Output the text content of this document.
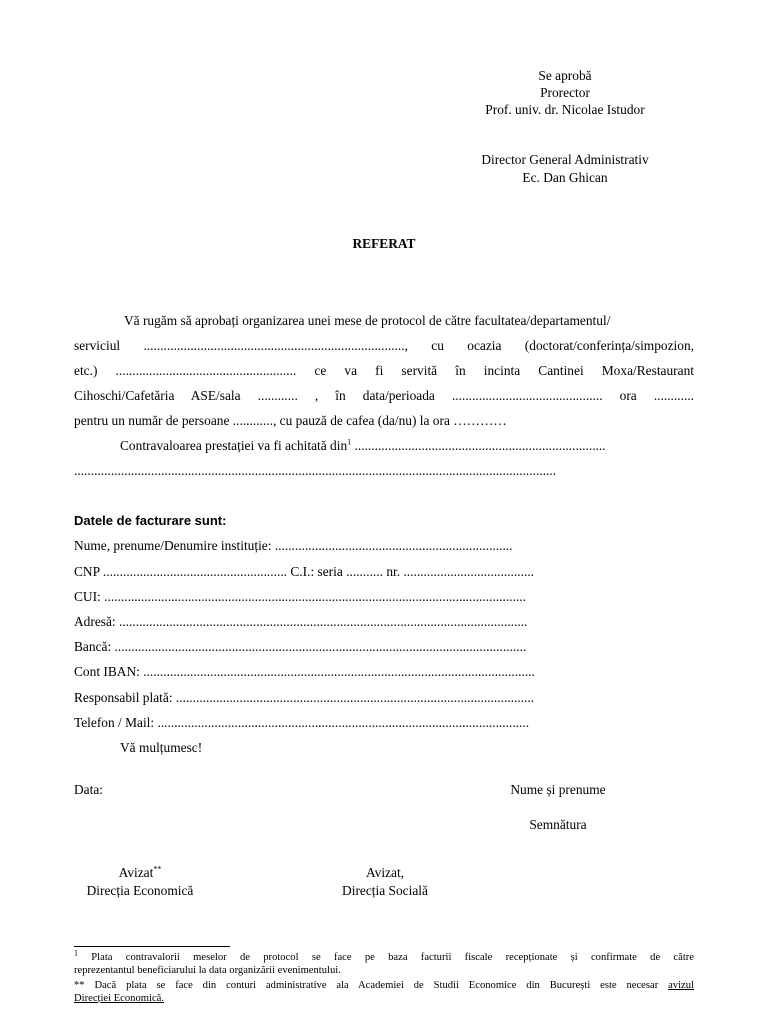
Se aprobă
Prorector
Prof. univ. dr. Nicolae Istudor
Director General Administrativ
Ec. Dan Ghican
REFERAT
Vă rugăm să aprobați organizarea unei mese de protocol de către facultatea/departamentul/
serviciul .............................................................................., cu ocazia (doctorat/conferința/simpozion,
etc.) ...................................................... ce va fi servită în incinta Cantinei Moxa/Restaurant
Cihoschi/Cafetăria ASE/sala ............ , în data/perioada ............................................. ora ............
pentru un număr de persoane ............, cu pauză de cafea (da/nu) la ora …………
Contravaloarea prestației va fi achitată din$^1$ ...........................................................................
................................................................................................................................................
Datele de facturare sunt:
Nume, prenume/Denumire instituție: .......................................................................
CNP ....................................................... C.I.: seria ........... nr. .......................................
CUI: ..............................................................................................................................
Adresă: ..........................................................................................................................
Bancă: ...........................................................................................................................
Cont IBAN: .....................................................................................................................
Responsabil plată: ...........................................................................................................
Telefon / Mail: ...............................................................................................................
Vă mulțumesc!
Data:	Nume și prenume
Semnătura
Avizat**
Direcția Economică
Avizat,
Direcția Socială
$^1$ Plata contravalorii meselor de protocol se face pe baza facturii fiscale recepționate și confirmate de către
reprezentantul beneficiarului la data organizării evenimentului.
** Dacă plata se face din conturi administrative ala Academiei de Studii Economice din București este necesar avizul
Direcției Economică.
